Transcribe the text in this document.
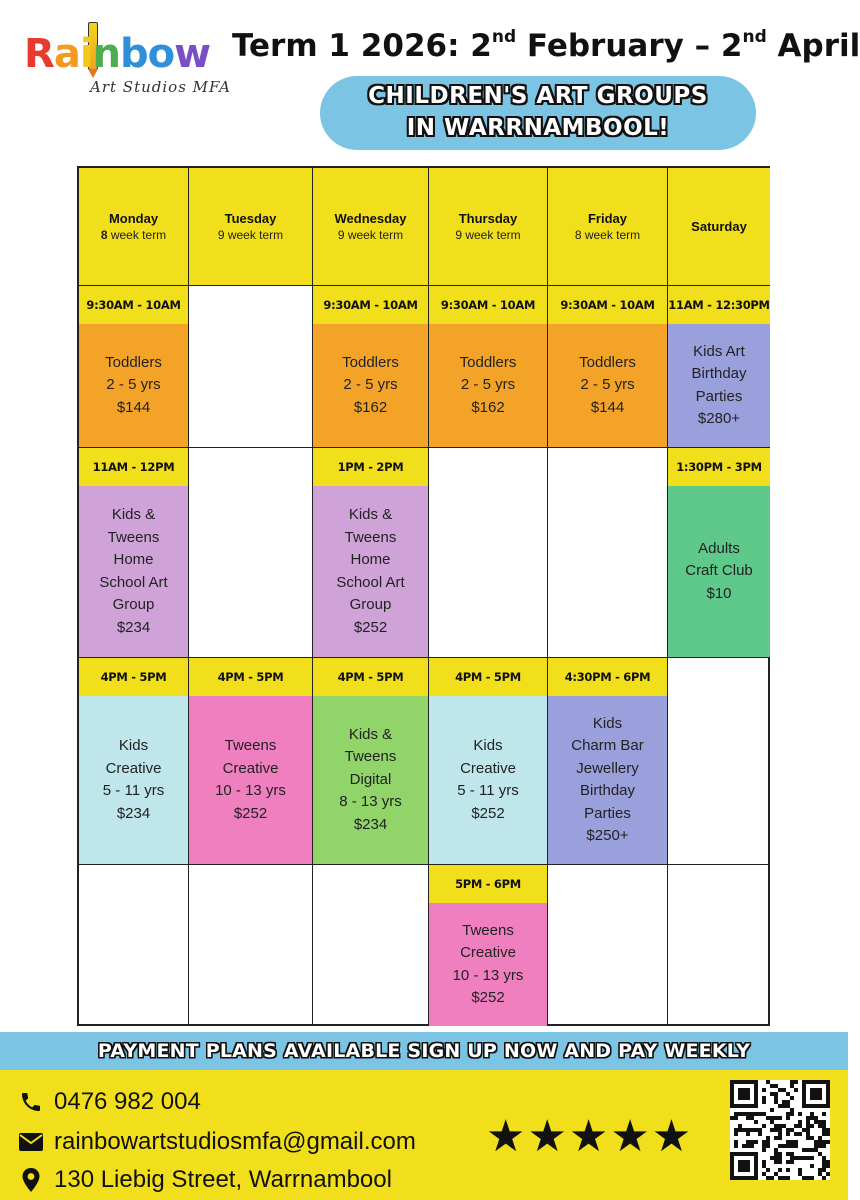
Rainbow
Art Studios MFA
Term 1 2026: 2nd February – 2nd April
CHILDREN'S ART GROUPS
IN WARRNAMBOOL!
Monday
8 week term
Tuesday
9 week term
Wednesday
9 week term
Thursday
9 week term
Friday
8 week term
Saturday
9:30AM - 10AM
Toddlers
2 - 5 yrs
$144
9:30AM - 10AM
Toddlers
2 - 5 yrs
$162
9:30AM - 10AM
Toddlers
2 - 5 yrs
$162
9:30AM - 10AM
Toddlers
2 - 5 yrs
$144
11AM - 12:30PM
Kids Art
Birthday
Parties
$280+
11AM - 12PM
Kids &
Tweens
Home
School Art
Group
$234
1PM - 2PM
Kids &
Tweens
Home
School Art
Group
$252
1:30PM - 3PM
Adults
Craft Club
$10
4PM - 5PM
Kids
Creative
5 - 11 yrs
$234
4PM - 5PM
Tweens
Creative
10 - 13 yrs
$252
4PM - 5PM
Kids &
Tweens
Digital
8 - 13 yrs
$234
4PM - 5PM
Kids
Creative
5 - 11 yrs
$252
4:30PM - 6PM
Kids
Charm Bar
Jewellery
Birthday
Parties
$250+
5PM - 6PM
Tweens
Creative
10 - 13 yrs
$252
PAYMENT PLANS AVAILABLE SIGN UP NOW AND PAY WEEKLY
0476 982 004
rainbowartstudiosmfa@gmail.com
130 Liebig Street, Warrnambool
★★★★★
